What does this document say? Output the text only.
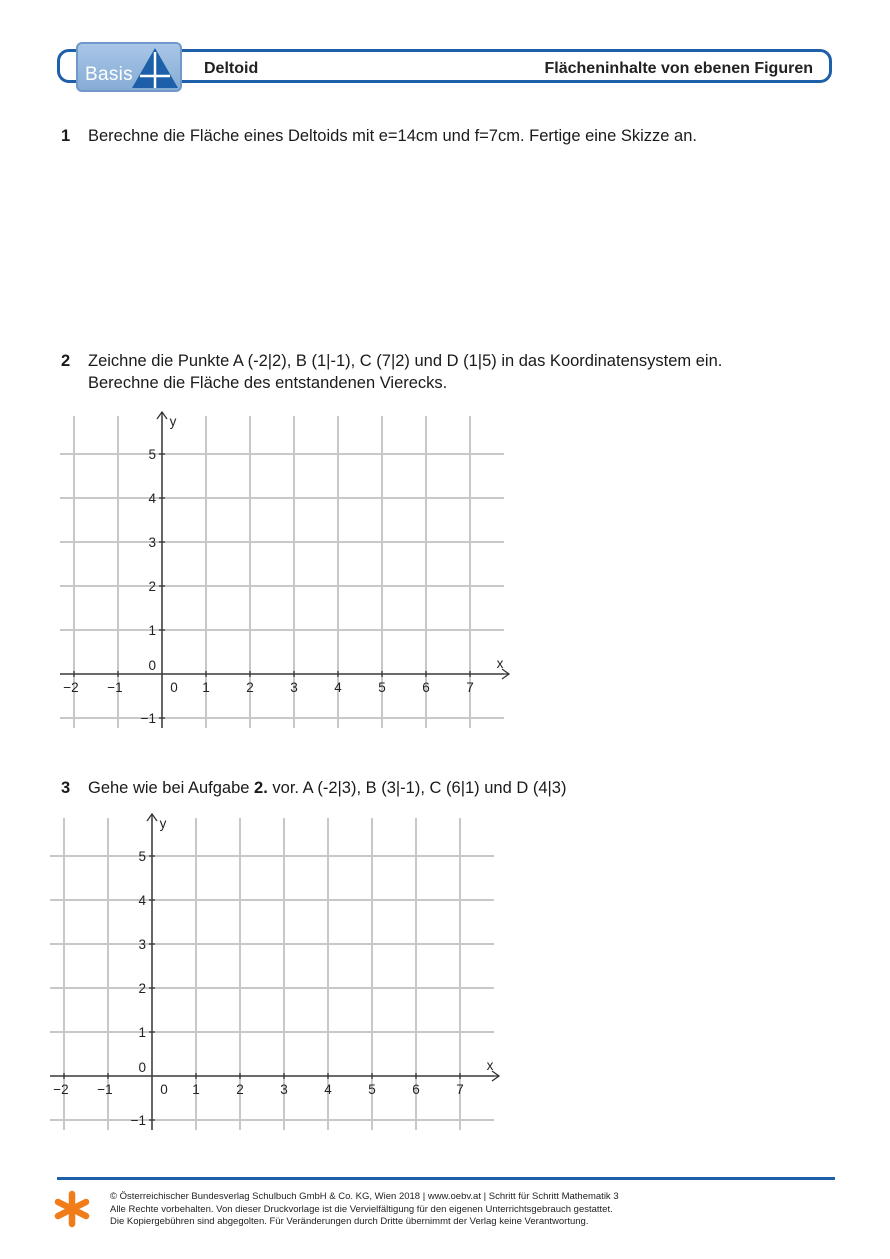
Basis	Deltoid	Flächeninhalte von ebenen Figuren
1 Berechne die Fläche eines Deltoids mit e=14cm und f=7cm. Fertige eine Skizze an.
2 Zeichne die Punkte A (-2|2), B (1|-1), C (7|2) und D (1|5) in das Koordinatensystem ein.
Berechne die Fläche des entstandenen Vierecks.
−2 −1	0 1	2	3	4	5	6	7
5
4
3
2
1
0
−1
x
y
3 Gehe wie bei Aufgabe 2. vor. A (-2|3), B (3|-1), C (6|1) und D (4|3)
−2 −1	0 1	2	3	4	5	6	7
5
4
3
2
1
0
−1
x
y
© Österreichischer Bundesverlag Schulbuch GmbH & Co. KG, Wien 2018 | www.oebv.at | Schritt für Schritt Mathematik 3
Alle Rechte vorbehalten. Von dieser Druckvorlage ist die Vervielfältigung für den eigenen Unterrichtsgebrauch gestattet.
Die Kopiergebühren sind abgegolten. Für Veränderungen durch Dritte übernimmt der Verlag keine Verantwortung.
